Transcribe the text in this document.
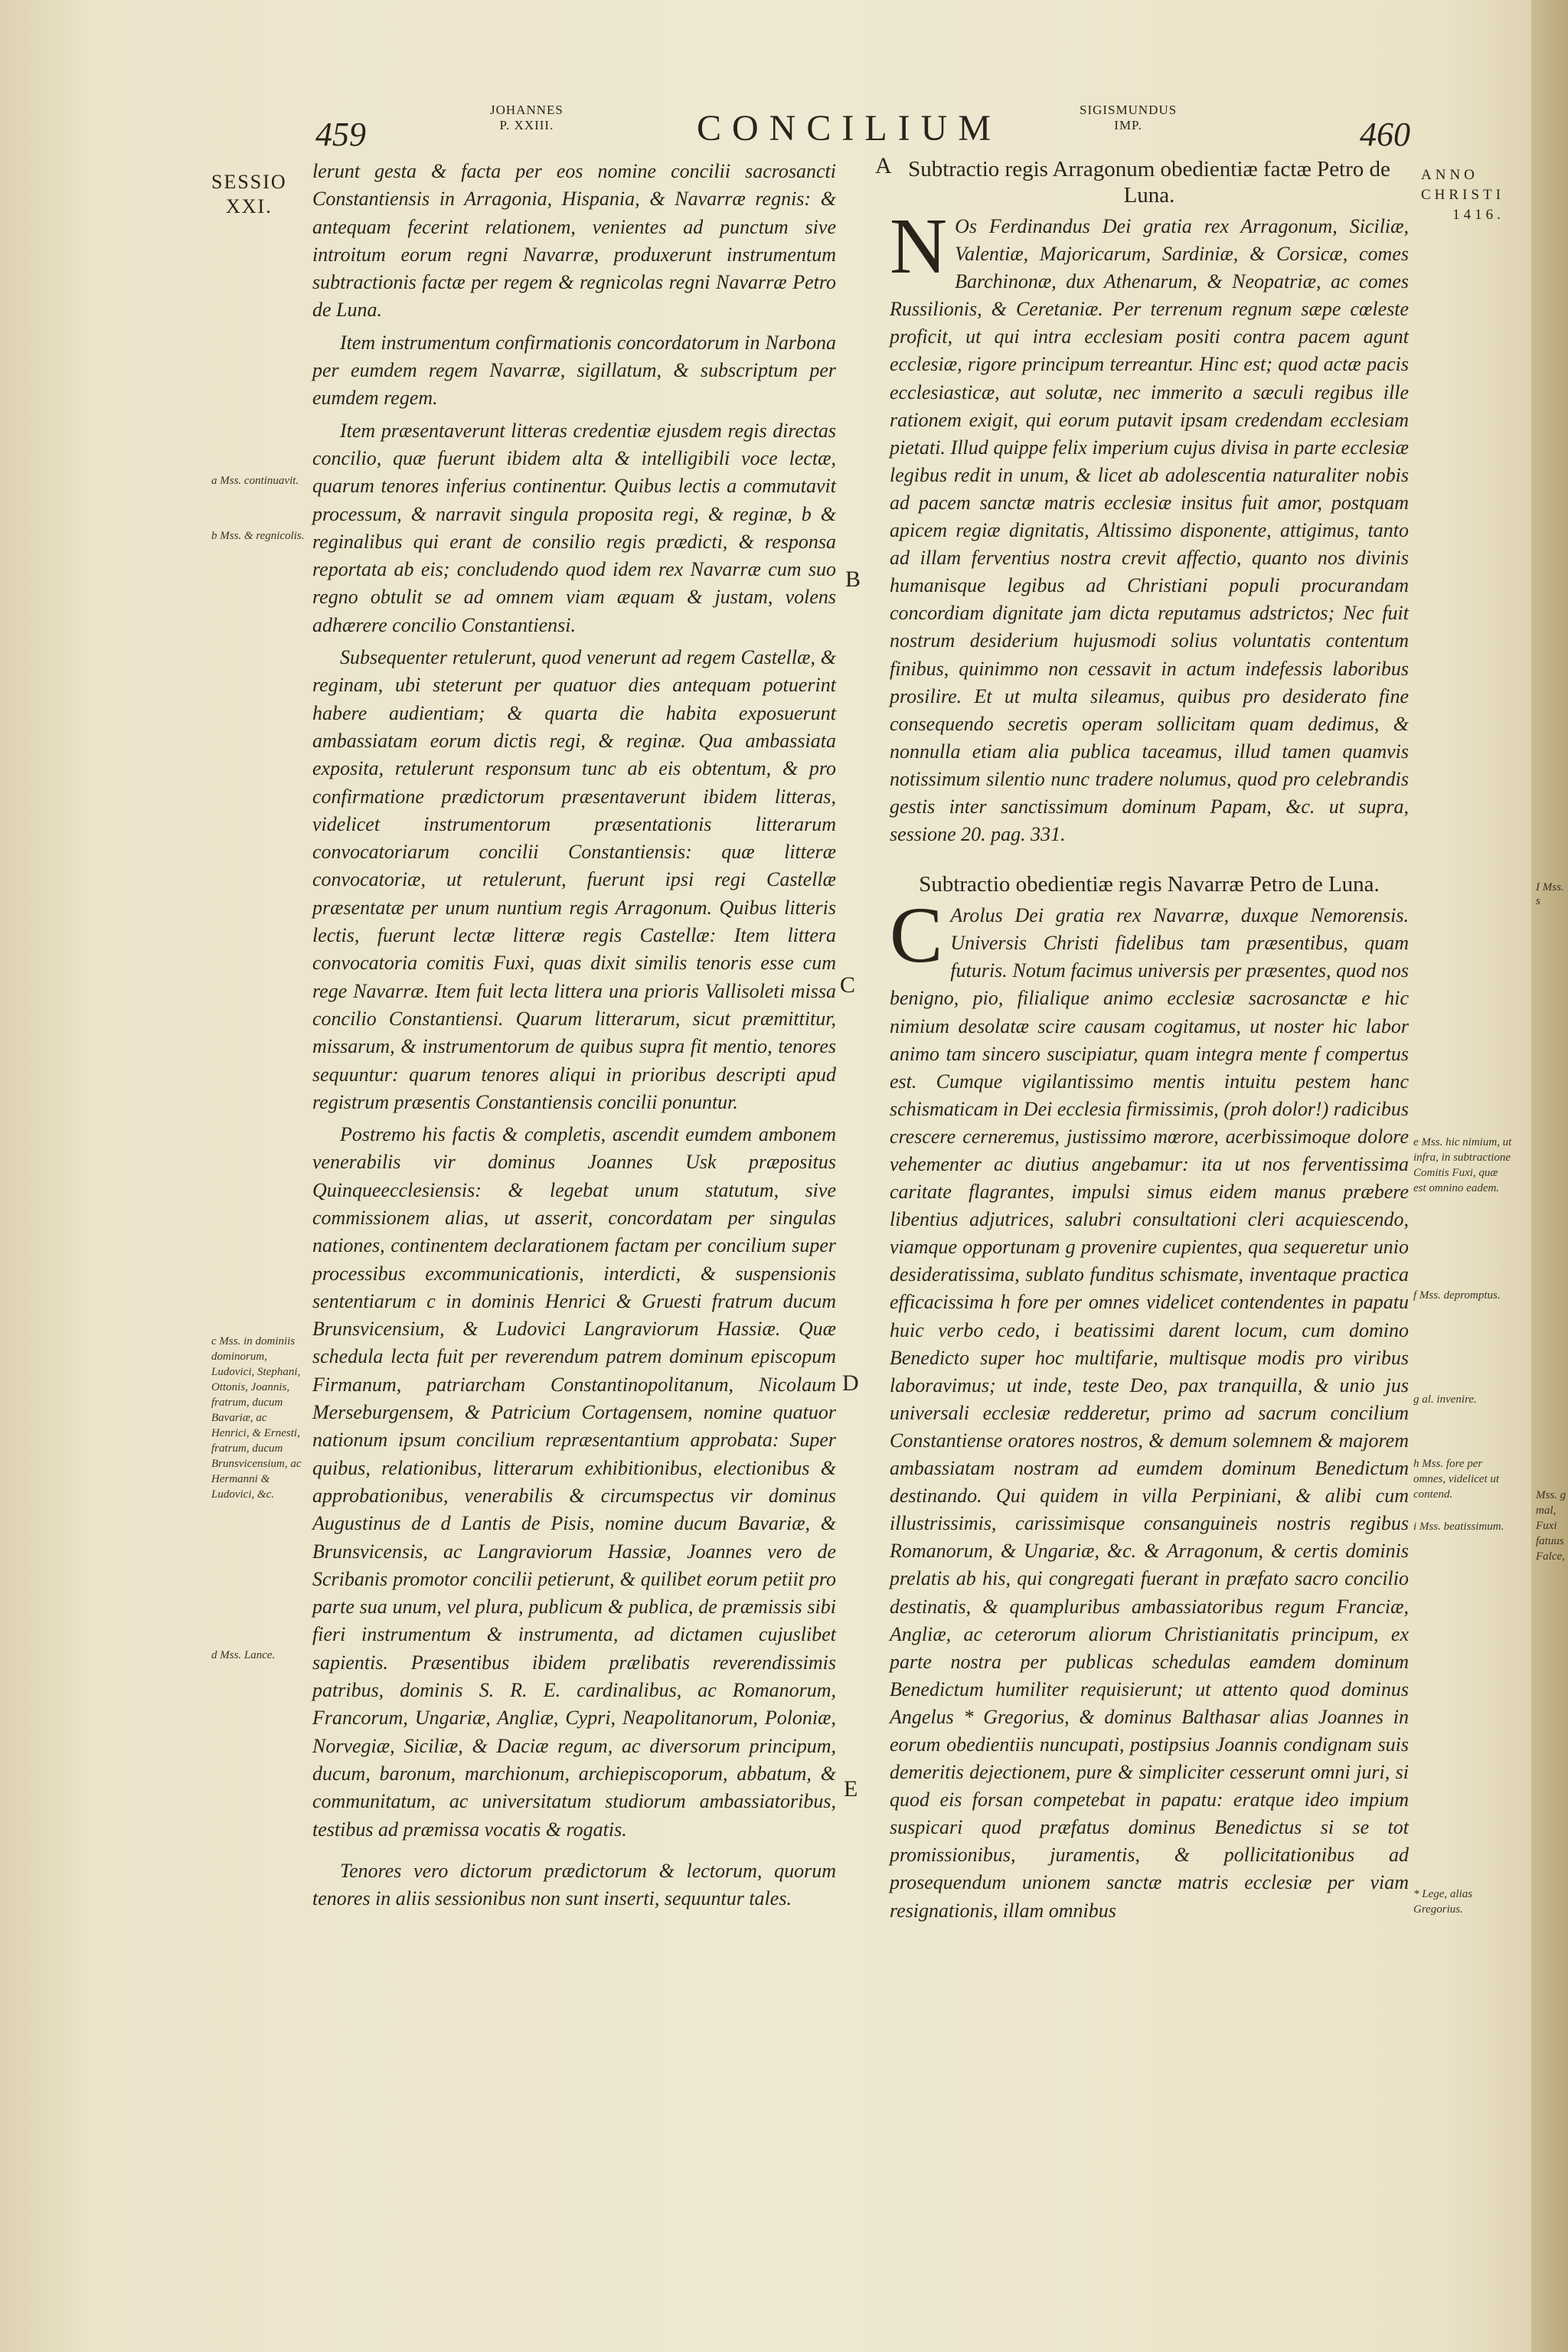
I Mss. s
Mss. g
mal,
Fuxi
fatuus
Falce,
459
JOHANNES
P. XXIII.	CONCILIUM	SIGISMUNDUS
IMP.	460
SESSIO
XXI.
ANNO
CHRISTI
1416.
A
B
C
D
E

lerunt gesta & facta per eos nomine concilii sacrosancti Constantiensis in Arragonia, Hispania, & Navarræ regnis: & antequam fecerint relationem, venientes ad punctum sive introitum eorum regni Navarræ, produxerunt instrumentum subtractionis factæ per regem & regnicolas regni Navarræ Petro de Luna.

Item instrumentum confirmationis concordatorum in Narbona per eumdem regem Navarræ, sigillatum, & subscriptum per eumdem regem.

Item præsentaverunt litteras credentiæ ejusdem regis directas concilio, quæ fuerunt ibidem alta & intelligibili voce lectæ, quarum tenores inferius continentur. Quibus lectis a commutavit processum, & narravit singula proposita regi, & reginæ, b & reginalibus qui erant de consilio regis prædicti, & responsa reportata ab eis; concludendo quod idem rex Navarræ cum suo regno obtulit se ad omnem viam æquam & justam, volens adhærere concilio Constantiensi.

Subsequenter retulerunt, quod venerunt ad regem Castellæ, & reginam, ubi steterunt per quatuor dies antequam potuerint habere audientiam; & quarta die habita exposuerunt ambassiatam eorum dictis regi, & reginæ. Qua ambassiata exposita, retulerunt responsum tunc ab eis obtentum, & pro confirmatione prædictorum præsentaverunt ibidem litteras, videlicet instrumentorum præsentationis litterarum convocatoriarum concilii Constantiensis: quæ litteræ convocatoriæ, ut retulerunt, fuerunt ipsi regi Castellæ præsentatæ per unum nuntium regis Arragonum. Quibus litteris lectis, fuerunt lectæ litteræ regis Castellæ: Item littera convocatoria comitis Fuxi, quas dixit similis tenoris esse cum rege Navarræ. Item fuit lecta littera una prioris Vallisoleti missa concilio Constantiensi. Quarum litterarum, sicut præmittitur, missarum, & instrumentorum de quibus supra fit mentio, tenores sequuntur: quarum tenores aliqui in prioribus descripti apud registrum præsentis Constantiensis concilii ponuntur.

Postremo his factis & completis, ascendit eumdem ambonem venerabilis vir dominus Joannes Usk præpositus Quinqueecclesiensis: & legebat unum statutum, sive commissionem alias, ut asserit, concordatam per singulas nationes, continentem declarationem factam per concilium super processibus excommunicationis, interdicti, & suspensionis sententiarum c in dominis Henrici & Gruesti fratrum ducum Brunsvicensium, & Ludovici Langraviorum Hassiæ. Quæ schedula lecta fuit per reverendum patrem dominum episcopum Firmanum, patriarcham Constantinopolitanum, Nicolaum Merseburgensem, & Patricium Cortagensem, nomine quatuor nationum ipsum concilium repræsentantium approbata: Super quibus, relationibus, litterarum exhibitionibus, electionibus & approbationibus, venerabilis & circumspectus vir dominus Augustinus de d Lantis de Pisis, nomine ducum Bavariæ, & Brunsvicensis, ac Langraviorum Hassiæ, Joannes vero de Scribanis promotor concilii petierunt, & quilibet eorum petiit pro parte sua unum, vel plura, publicum & publica, de præmissis sibi fieri instrumentum & instrumenta, ad dictamen cujuslibet sapientis. Præsentibus ibidem prælibatis reverendissimis patribus, dominis S. R. E. cardinalibus, ac Romanorum, Francorum, Ungariæ, Angliæ, Cypri, Neapolitanorum, Poloniæ, Norvegiæ, Siciliæ, & Daciæ regum, ac diversorum principum, ducum, baronum, marchionum, archiepiscoporum, abbatum, & communitatum, ac universitatum studiorum ambassiatoribus, testibus ad præmissa vocatis & rogatis.

Tenores vero dictorum prædictorum & lectorum, quorum tenores in aliis sessionibus non sunt inserti, sequuntur tales.

a Mss. continuavit.
b Mss. & regnicolis.
c Mss. in dominiis dominorum, Ludovici, Stephani, Ottonis, Joannis, fratrum, ducum Bavariæ, ac Henrici, & Ernesti, fratrum, ducum Brunsvicensium, ac Hermanni & Ludovici, &c.
d Mss. Lance.

Subtractio regis Arragonum obedientiæ factæ Petro de Luna.

N Os Ferdinandus Dei gratia rex Arragonum, Siciliæ, Valentiæ, Majoricarum, Sardiniæ, & Corsicæ, comes Barchinonæ, dux Athenarum, & Neopatriæ, ac comes Russilionis, & Ceretaniæ. Per terrenum regnum sæpe cœleste proficit, ut qui intra ecclesiam positi contra pacem agunt ecclesiæ, rigore principum terreantur. Hinc est; quod actæ pacis ecclesiasticæ, aut solutæ, nec immerito a sæculi regibus ille rationem exigit, qui eorum putavit ipsam credendam ecclesiam pietati. Illud quippe felix imperium cujus divisa in parte ecclesiæ legibus redit in unum, & licet ab adolescentia naturaliter nobis ad pacem sanctæ matris ecclesiæ insitus fuit amor, postquam apicem regiæ dignitatis, Altissimo disponente, attigimus, tanto ad illam ferventius nostra crevit affectio, quanto nos divinis humanisque legibus ad Christiani populi procurandam concordiam dignitate jam dicta reputamus adstrictos; Nec fuit nostrum desiderium hujusmodi solius voluntatis contentum finibus, quinimmo non cessavit in actum indefessis laboribus prosilire. Et ut multa sileamus, quibus pro desiderato fine consequendo secretis operam sollicitam quam dedimus, & nonnulla etiam alia publica taceamus, illud tamen quamvis notissimum silentio nunc tradere nolumus, quod pro celebrandis gestis inter sanctissimum dominum Papam, &c. ut supra, sessione 20. pag. 331.

Subtractio obedientiæ regis Navarræ Petro de Luna.

C Arolus Dei gratia rex Navarræ, duxque Nemorensis. Universis Christi fidelibus tam præsentibus, quam futuris. Notum facimus universis per præsentes, quod nos benigno, pio, filialique animo ecclesiæ sacrosanctæ e hic nimium desolatæ scire causam cogitamus, ut noster hic labor animo tam sincero suscipiatur, quam integra mente f compertus est. Cumque vigilantissimo mentis intuitu pestem hanc schismaticam in Dei ecclesia firmissimis, (proh dolor!) radicibus crescere cerneremus, justissimo mœrore, acerbissimoque dolore vehementer ac diutius angebamur: ita ut nos ferventissima caritate flagrantes, impulsi simus eidem manus præbere libentius adjutrices, salubri consultationi cleri acquiescendo, viamque opportunam g provenire cupientes, qua sequeretur unio desideratissima, sublato funditus schismate, inventaque practica efficacissima h fore per omnes videlicet contendentes in papatu huic verbo cedo, i beatissimi darent locum, cum domino Benedicto super hoc multifarie, multisque modis pro viribus laboravimus; ut inde, teste Deo, pax tranquilla, & unio jus universali ecclesiæ redderetur, primo ad sacrum concilium Constantiense oratores nostros, & demum solemnem & majorem ambassiatam nostram ad eumdem dominum Benedictum destinando. Qui quidem in villa Perpiniani, & alibi cum illustrissimis, carissimisque consanguineis nostris regibus Romanorum, & Ungariæ, &c. & Arragonum, & certis dominis prelatis ab his, qui congregati fuerant in præfato sacro concilio destinatis, & quampluribus ambassiatoribus regum Franciæ, Angliæ, ac ceterorum aliorum Christianitatis principum, ex parte nostra per publicas schedulas eamdem dominum Benedictum humiliter requisierunt; ut attento quod dominus Angelus * Gregorius, & dominus Balthasar alias Joannes in eorum obedientiis nuncupati, postipsius Joannis condignam suis demeritis dejectionem, pure & simpliciter cesserunt omni juri, si quod eis forsan competebat in papatu: eratque ideo impium suspicari quod præfatus dominus Benedictus si se tot promissionibus, juramentis, & pollicitationibus ad prosequendum unionem sanctæ matris ecclesiæ per viam resignationis, illam omnibus

e Mss. hic nimium, ut infra, in subtractione Comitis Fuxi, quæ est omnino eadem.
f Mss. depromptus.
g al. invenire.
h Mss. fore per omnes, videlicet ut contend.
i Mss. beatissimum.
* Lege, alias Gregorius.
